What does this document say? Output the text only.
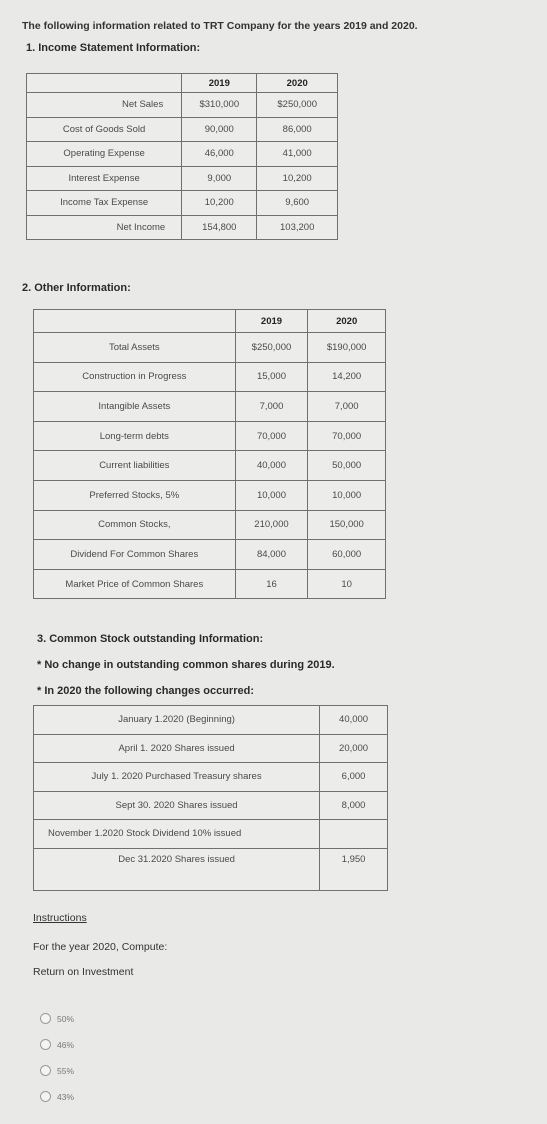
The following information related to TRT Company for the years 2019 and 2020.
1. Income Statement Information:
	2019	2020
Net Sales	$310,000	$250,000
Cost of Goods Sold	90,000	86,000
Operating Expense	46,000	41,000
Interest Expense	9,000	10,200
Income Tax Expense	10,200	9,600
Net Income	154,800	103,200
2. Other Information:
	2019	2020
Total Assets	$250,000	$190,000
Construction in Progress	15,000	14,200
Intangible Assets	7,000	7,000
Long-term debts	70,000	70,000
Current liabilities	40,000	50,000
Preferred Stocks, 5%	10,000	10,000
Common Stocks,	210,000	150,000
Dividend For Common Shares	84,000	60,000
Market Price of Common Shares	16	10
3. Common Stock outstanding Information:
* No change in outstanding common shares during 2019.
* In 2020 the following changes occurred:
January 1.2020 (Beginning)	40,000
April 1. 2020 Shares issued	20,000
July 1. 2020 Purchased Treasury shares	6,000
Sept 30. 2020 Shares issued	8,000
November 1.2020 Stock Dividend 10% issued	
Dec 31.2020 Shares issued	1,950
Instructions
For the year 2020, Compute:
Return on Investment
50%
46%
55%
43%
